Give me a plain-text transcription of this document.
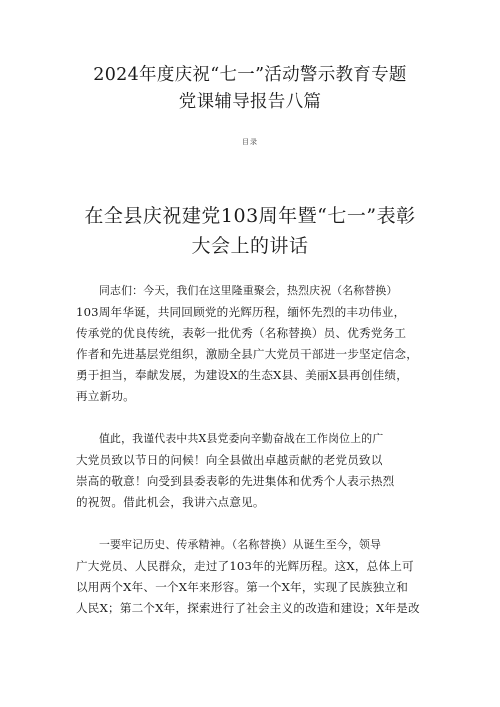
2024年度庆祝“七一”活动警示教育专题
党课辅导报告八篇
目录
在全县庆祝建党103周年暨“七一”表彰
大会上的讲话
同志们：今天，我们在这里隆重聚会，热烈庆祝（名称替换）
103周年华诞，共同回顾党的光辉历程，缅怀先烈的丰功伟业，
传承党的优良传统，表彰一批优秀（名称替换）员、优秀党务工
作者和先进基层党组织，激励全县广大党员干部进一步坚定信念，
勇于担当，奉献发展，为建设X的生态X县、美丽X县再创佳绩，
再立新功。
值此，我谨代表中共X县党委向辛勤奋战在工作岗位上的广
大党员致以节日的问候！向全县做出卓越贡献的老党员致以
崇高的敬意！向受到县委表彰的先进集体和优秀个人表示热烈
的祝贺。借此机会，我讲六点意见。
一要牢记历史、传承精神。（名称替换）从诞生至今，领导
广大党员、人民群众，走过了103年的光辉历程。这X，总体上可
以用两个X年、一个X年来形容。第一个X年，实现了民族独立和
人民X；第二个X年，探索进行了社会主义的改造和建设；X年是改
